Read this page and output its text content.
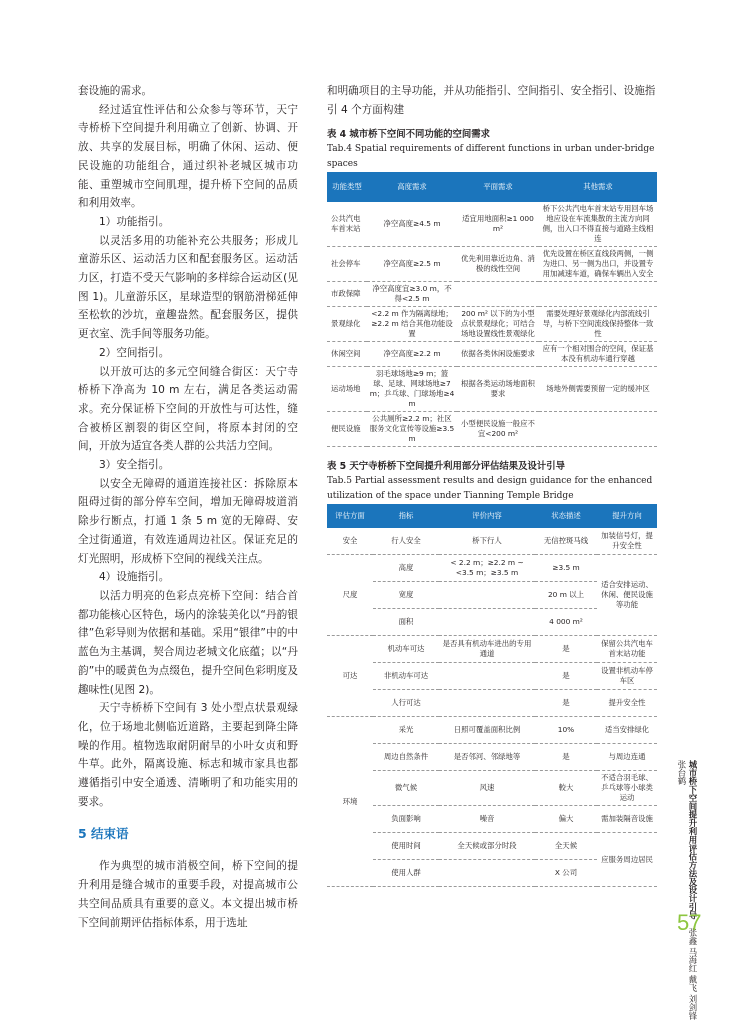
套设施的需求。

经过适宜性评估和公众参与等环节，天宁寺桥桥下空间提升利用确立了创新、协调、开放、共享的发展目标，明确了休闲、运动、便民设施的功能组合，通过织补老城区城市功能、重塑城市空间肌理，提升桥下空间的品质和利用效率。

1）功能指引。

以灵活多用的功能补充公共服务；形成儿童游乐区、运动活力区和配套服务区。运动活力区，打造不受天气影响的多样综合运动区(见图 1)。儿童游乐区，星球造型的钢筋滑梯延伸至松软的沙坑，童趣盎然。配套服务区，提供更衣室、洗手间等服务功能。

2）空间指引。

以开放可达的多元空间缝合街区：天宁寺桥桥下净高为 10 m 左右，满足各类运动需求。充分保证桥下空间的开放性与可达性，缝合被桥区割裂的街区空间，将原本封闭的空间，开放为适宜各类人群的公共活力空间。

3）安全指引。

以安全无障碍的通道连接社区：拆除原本阻碍过街的部分停车空间，增加无障碍坡道消除步行断点，打通 1 条 5 m 宽的无障碍、安全过街通道，有效连通周边社区。保证充足的灯光照明，形成桥下空间的视线关注点。

4）设施指引。

以活力明亮的色彩点亮桥下空间：结合首都功能核心区特色，场内的涂装美化以“丹韵银律”色彩导则为依据和基础。采用“银律”中的中蓝色为主基调，契合周边老城文化底蕴；以“丹韵”中的暖黄色为点缀色，提升空间色彩明度及趣味性(见图 2)。

天宁寺桥桥下空间有 3 处小型点状景观绿化，位于场地北侧临近道路，主要起到降尘降噪的作用。植物选取耐阴耐旱的小叶女贞和野牛草。此外，隔离设施、标志和城市家具也都遵循指引中安全通透、清晰明了和功能实用的要求。

5 结束语

作为典型的城市消极空间，桥下空间的提升利用是缝合城市的重要手段，对提高城市公共空间品质具有重要的意义。本文提出城市桥下空间前期评估指标体系，用于选址

和明确项目的主导功能，并从功能指引、空间指引、安全指引、设施指引 4 个方面构建

表 4 城市桥下空间不同功能的空间需求
Tab.4 Spatial requirements of different functions in urban under-bridge spaces
功能类型	高度需求	平面需求	其他需求
公共汽电车首末站	净空高度≥4.5 m	适宜用地面积≥1 000 m²	桥下公共汽电车首末站专用回车场地应设在车流集散的主流方向同侧，出入口不得直接与道路主线相连
社会停车	净空高度≥2.5 m	优先利用靠近边角、消极的线性空间	优先设置在桥区直线段两侧，一侧为进口、另一侧为出口，并设置专用加减速车道，确保车辆出入安全
市政保障	净空高度宜≥3.0 m，不得<2.5 m		
景观绿化	<2.2 m 作为隔离绿地；≥2.2 m 结合其他功能设置	200 m² 以下的为小型点状景观绿化；可结合场地设置线性景观绿化	需要处理好景观绿化内部流线引导，与桥下空间流线保持整体一致性
休闲空间	净空高度≥2.2 m	依据各类休闲设施要求	应有一个相对围合的空间，保证基本没有机动车通行穿越
运动场地	羽毛球场地≥9 m；篮球、足球、网球场地≥7 m；乒乓球、门球场地≥4 m	根据各类运动场地面积要求	场地外侧需要预留一定的缓冲区
便民设施	公共厕所≥2.2 m；社区服务文化宣传等设施≥3.5 m	小型便民设施一般应不宜<200 m²	
表 5 天宁寺桥桥下空间提升利用部分评估结果及设计引导
Tab.5 Partial assessment results and design guidance for the enhanced utilization of the space under Tianning Temple Bridge
评估方面	指标	评价内容	状态描述	提升方向
安全	行人安全	桥下行人	无信控斑马线	加装信号灯，提升安全性
尺度	高度	< 2.2 m；≥2.2 m ~ <3.5 m；≥3.5 m	≥3.5 m	适合安排运动、休闲、便民设施等功能
	宽度		20 m 以上	
	面积		4 000 m²	
可达	机动车可达	是否具有机动车进出的专用通道	是	保留公共汽电车首末站功能
	非机动车可达		是	设置非机动车停车区
	人行可达		是	提升安全性
环境	采光	日照可覆盖面积比例	10%	适当安排绿化
	周边自然条件	是否邻河、邻绿地等	是	与周边连通
	微气候	风速	較大	不适合羽毛球、乒乓球等小球类运动
	负面影响	噪音	偏大	需加装隔音设施
	使用时间	全天候或部分时段	全天候	应服务周边居民
	使用人群		X 公司		城市桥下空间提升利用评估方法及设计引导 张鑫 马海红 戴飞 刘剑锋 张台鹤
57
